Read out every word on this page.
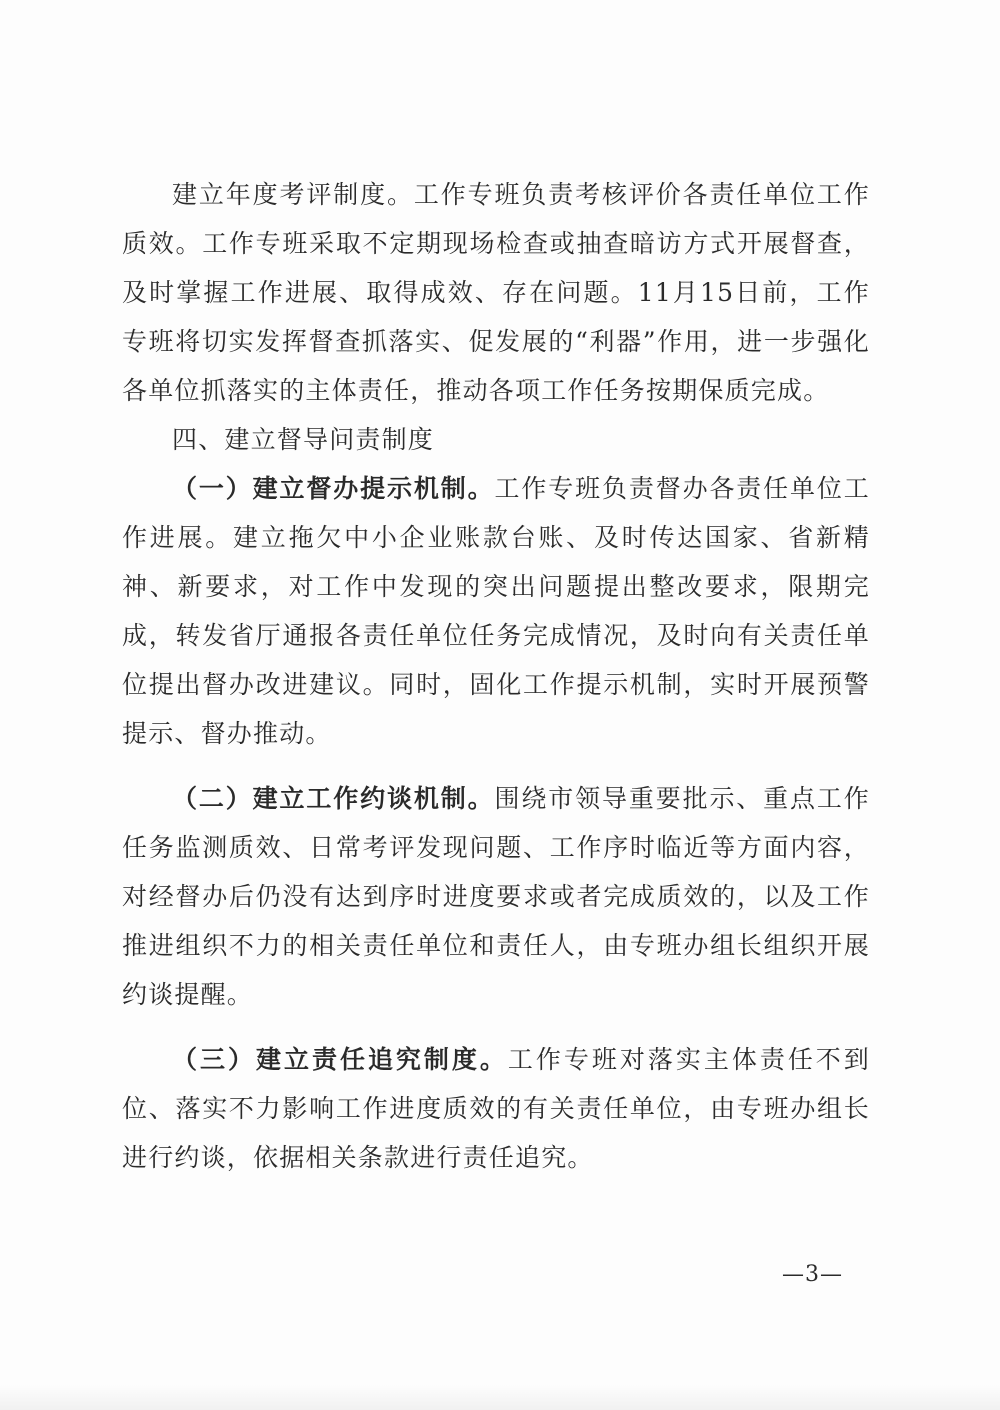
建立年度考评制度。工作专班负责考核评价各责任单位工作质效。工作专班采取不定期现场检查或抽查暗访方式开展督查，及时掌握工作进展、取得成效、存在问题。11月15日前，工作专班将切实发挥督查抓落实、促发展的“利器”作用，进一步强化各单位抓落实的主体责任，推动各项工作任务按期保质完成。

四、建立督导问责制度

（一）建立督办提示机制。工作专班负责督办各责任单位工作进展。建立拖欠中小企业账款台账、及时传达国家、省新精神、新要求，对工作中发现的突出问题提出整改要求，限期完成，转发省厅通报各责任单位任务完成情况，及时向有关责任单位提出督办改进建议。同时，固化工作提示机制，实时开展预警提示、督办推动。

（二）建立工作约谈机制。围绕市领导重要批示、重点工作任务监测质效、日常考评发现问题、工作序时临近等方面内容，对经督办后仍没有达到序时进度要求或者完成质效的，以及工作推进组织不力的相关责任单位和责任人，由专班办组长组织开展约谈提醒。

（三）建立责任追究制度。工作专班对落实主体责任不到位、落实不力影响工作进度质效的有关责任单位，由专班办组长进行约谈，依据相关条款进行责任追究。

—3—
